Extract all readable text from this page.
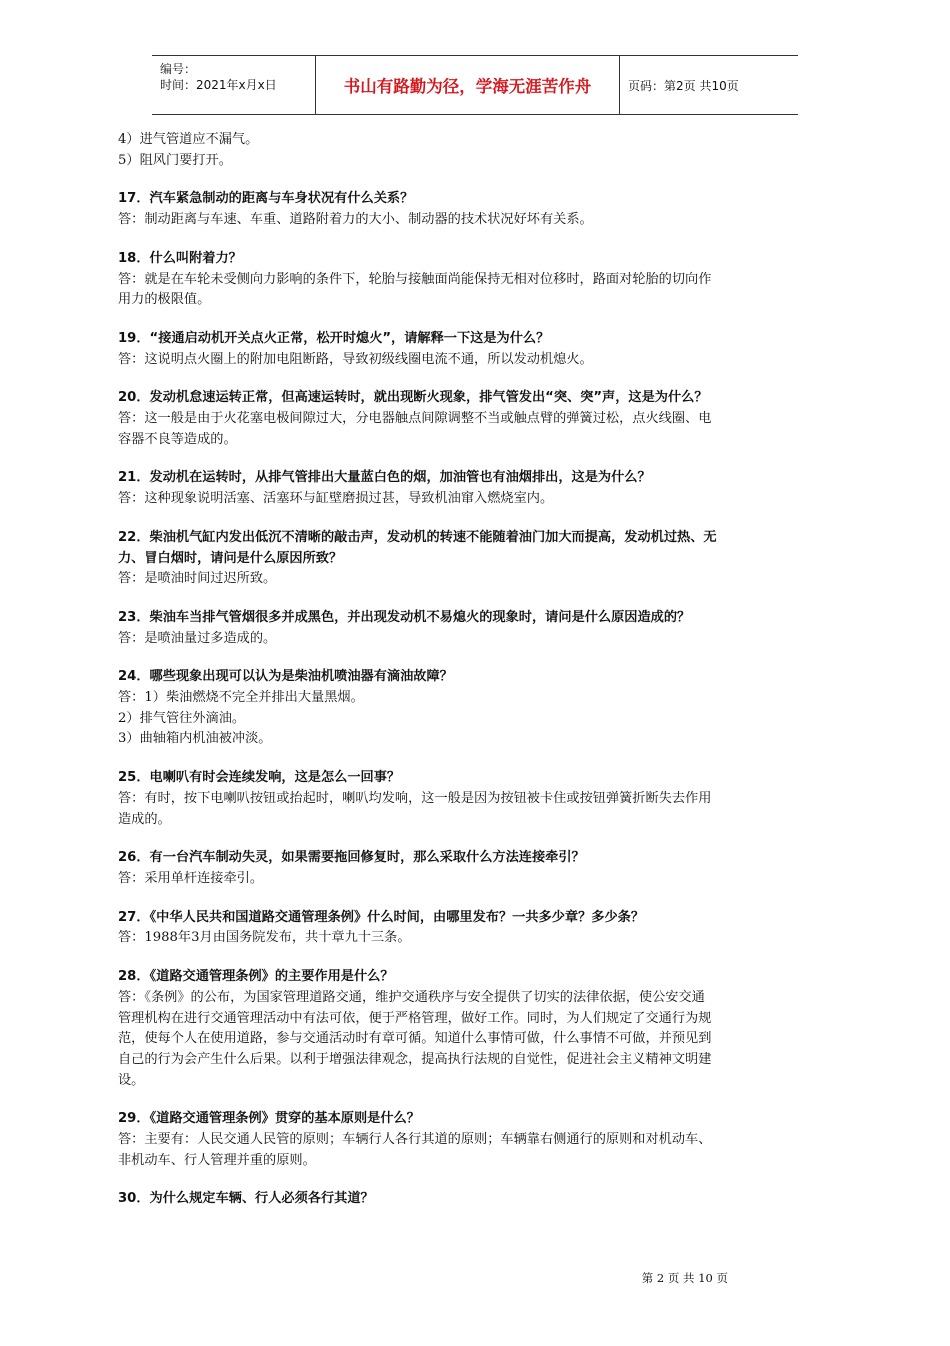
编号：
时间：2021年x月x日	书山有路勤为径，学海无涯苦作舟	页码：第2页 共10页
4）进气管道应不漏气。
5）阻风门要打开。
17．汽车紧急制动的距离与车身状况有什么关系？
答：制动距离与车速、车重、道路附着力的大小、制动器的技术状况好坏有关系。
18．什么叫附着力？
答：就是在车轮未受侧向力影响的条件下，轮胎与接触面尚能保持无相对位移时，路面对轮胎的切向作
用力的极限值。
19．“接通启动机开关点火正常，松开时熄火”，请解释一下这是为什么？
答：这说明点火圈上的附加电阻断路，导致初级线圈电流不通，所以发动机熄火。
20．发动机怠速运转正常，但高速运转时，就出现断火现象，排气管发出“突、突”声，这是为什么？
答：这一般是由于火花塞电极间隙过大，分电器触点间隙调整不当或触点臂的弹簧过松，点火线圈、电
容器不良等造成的。
21．发动机在运转时，从排气管排出大量蓝白色的烟，加油管也有油烟排出，这是为什么？
答：这种现象说明活塞、活塞环与缸壁磨损过甚，导致机油窜入燃烧室内。
22．柴油机气缸内发出低沉不清晰的敲击声，发动机的转速不能随着油门加大而提高，发动机过热、无
力、冒白烟时，请问是什么原因所致？
答：是喷油时间过迟所致。
23．柴油车当排气管烟很多并成黑色，并出现发动机不易熄火的现象时，请问是什么原因造成的？
答：是喷油量过多造成的。
24．哪些现象出现可以认为是柴油机喷油器有滴油故障？
答：1）柴油燃烧不完全并排出大量黑烟。
2）排气管往外滴油。
3）曲轴箱内机油被冲淡。
25．电喇叭有时会连续发响，这是怎么一回事？
答：有时，按下电喇叭按钮或抬起时，喇叭均发响，这一般是因为按钮被卡住或按钮弹簧折断失去作用
造成的。
26．有一台汽车制动失灵，如果需要拖回修复时，那么采取什么方法连接牵引？
答：采用单杆连接牵引。
27．《中华人民共和国道路交通管理条例》什么时间，由哪里发布？一共多少章？多少条？
答：1988年3月由国务院发布，共十章九十三条。
28．《道路交通管理条例》的主要作用是什么？
答：《条例》的公布，为国家管理道路交通，维护交通秩序与安全提供了切实的法律依据，使公安交通
管理机构在进行交通管理活动中有法可依，便于严格管理，做好工作。同时，为人们规定了交通行为规
范，使每个人在使用道路，参与交通活动时有章可循。知道什么事情可做，什么事情不可做，并预见到
自己的行为会产生什么后果。以利于增强法律观念，提高执行法规的自觉性，促进社会主义精神文明建
设。
29．《道路交通管理条例》贯穿的基本原则是什么？
答：主要有：人民交通人民管的原则；车辆行人各行其道的原则；车辆靠右侧通行的原则和对机动车、
非机动车、行人管理并重的原则。
30．为什么规定车辆、行人必须各行其道？
第 2 页 共 10 页
